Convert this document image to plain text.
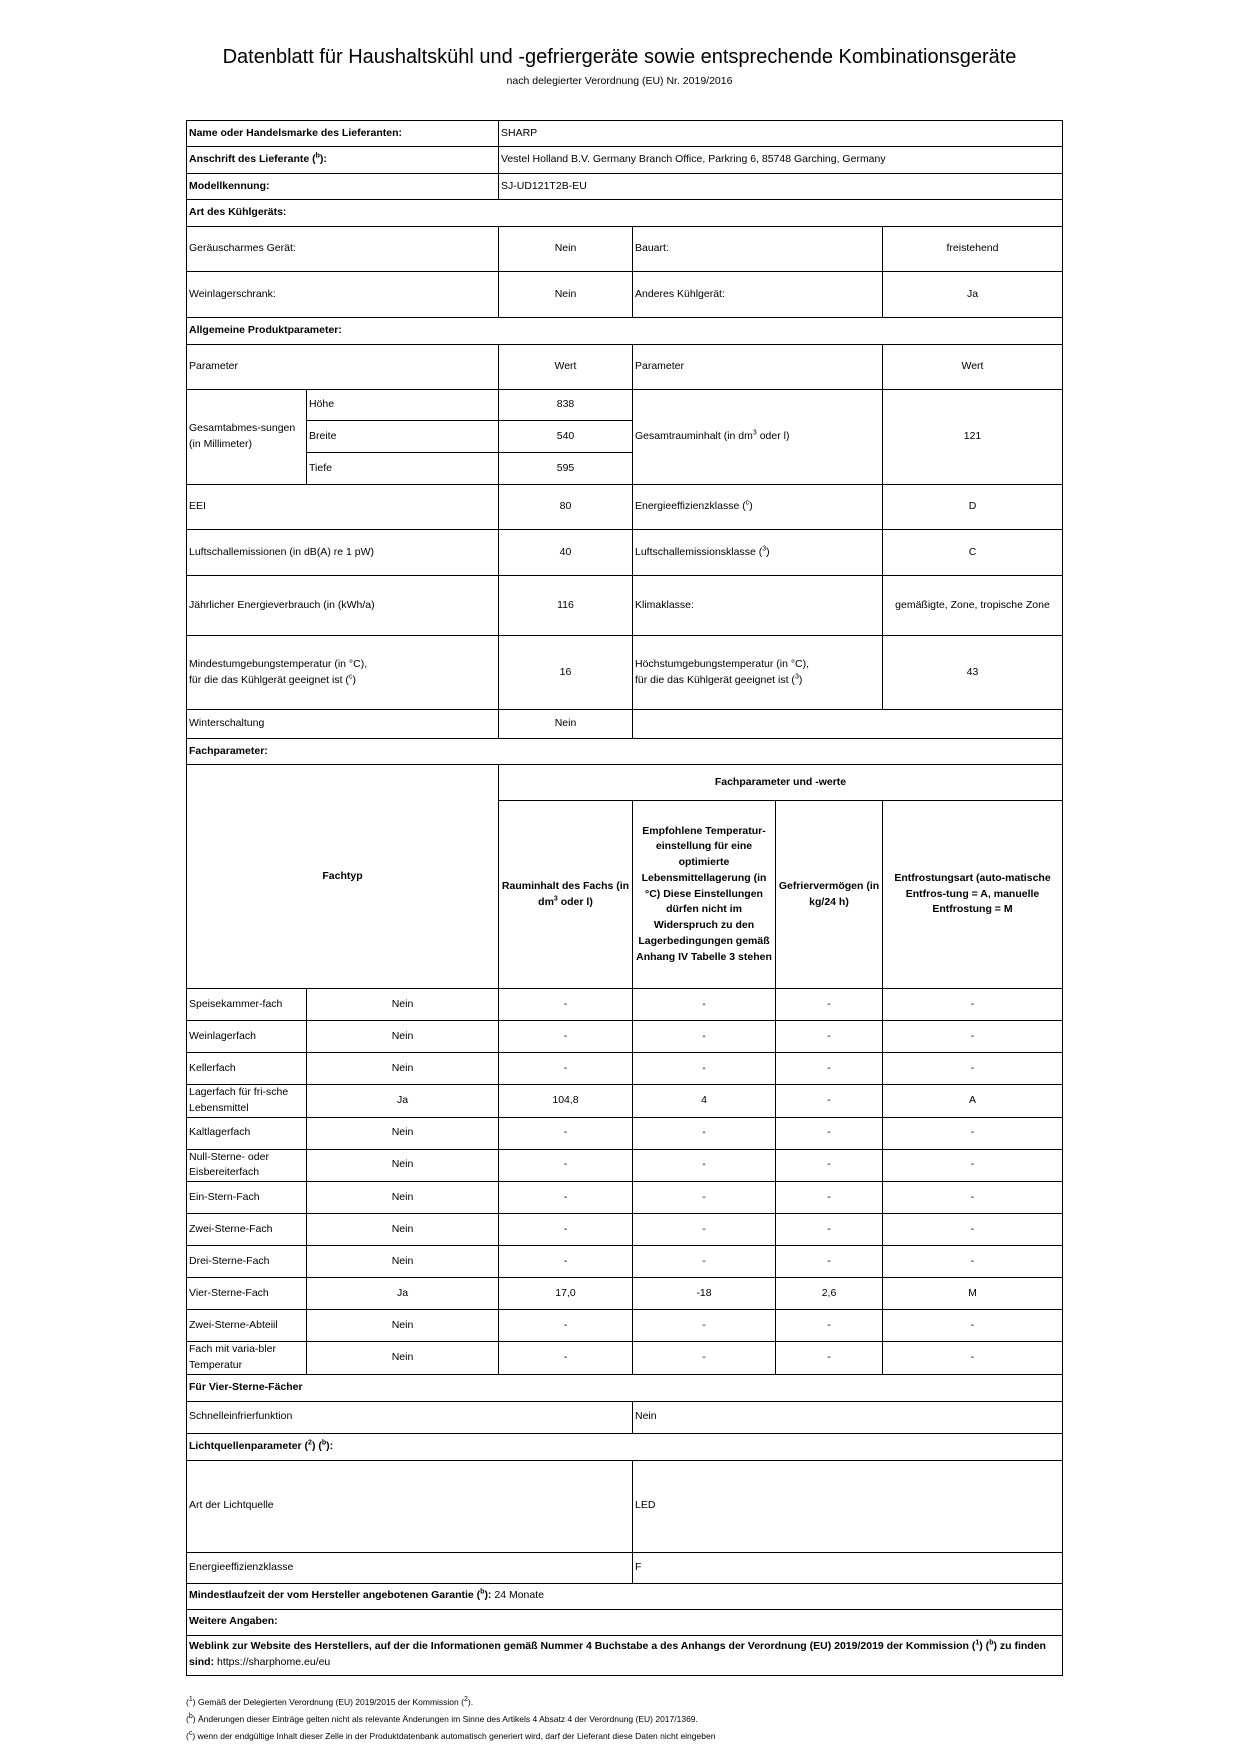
Datenblatt für Haushaltskühl und -gefriergeräte sowie entsprechende Kombinationsgeräte
nach delegierter Verordnung (EU) Nr. 2019/2016
Name oder Handelsmarke des Lieferanten:		SHARP			
Anschrift des Lieferante ($^b$):		Vestel Holland B.V. Germany Branch Office, Parkring 6, 85748 Garching, Germany			
Modellkennung:		SJ-UD121T2B-EU			
Art des Kühlgeräts:					
Geräuscharmes Gerät:		Nein	Bauart:		freistehend
Weinlagerschrank:		Nein	Anderes Kühlgerät:		Ja
Allgemeine Produktparameter:					
Parameter		Wert	Parameter		Wert
Gesamtabmes-sungen (in Millimeter)	Höhe	838	Gesamtrauminhalt (in $dm^3$ oder l)		121
	Breite	540			
	Tiefe	595			
EEI		80	Energieeffizienzklasse ($^c$)		D
Luftschallemissionen (in dB(A) re 1 pW)		40	Luftschallemissionsklasse ($^3$)		C
Jährlicher Energieverbrauch (in (kWh/a)		116	Klimaklasse:		gemäßigte, Zone, tropische Zone
Mindestumgebungstemperatur (in °C),
für die das Kühlgerät geeignet ist ($^c$)		16	Höchstumgebungstemperatur (in °C),
für die das Kühlgerät geeignet ist ($^3$)		43
Winterschaltung		Nein			
Fachparameter:					
Fachtyp		Fachparameter und -werte			
		Rauminhalt des Fachs (in $dm^3$ oder l)	Empfohlene Temperatur-einstellung für eine optimierte Lebensmittellagerung (in °C) Diese Einstellungen dürfen nicht im Widerspruch zu den Lagerbedingungen gemäß Anhang IV Tabelle 3 stehen	Gefriervermögen (in kg/24 h)	Entfrostungsart (auto-matische Entfros-tung = A, manuelle Entfrostung = M
Speisekammer-fach	Nein	-	-	-	-
Weinlagerfach	Nein	-	-	-	-
Kellerfach	Nein	-	-	-	-
Lagerfach für fri-sche Lebensmittel	Ja	104,8	4	-	A
Kaltlagerfach	Nein	-	-	-	-
Null-Sterne- oder Eisbereiterfach	Nein	-	-	-	-
Ein-Stern-Fach	Nein	-	-	-	-
Zwei-Sterne-Fach	Nein	-	-	-	-
Drei-Sterne-Fach	Nein	-	-	-	-
Vier-Sterne-Fach	Ja	17,0	-18	2,6	M
Zwei-Sterne-Abteiil	Nein	-	-	-	-
Fach mit varia-bler Temperatur	Nein	-	-	-	-
Für Vier-Sterne-Fächer					
Schnelleinfrierfunktion			Nein		
Lichtquellenparameter ($^2$) ($^b$):					
Art der Lichtquelle			LED		
Energieeffizienzklasse			F		
Mindestlaufzeit der vom Hersteller angebotenen Garantie ($^b$): 24 Monate					
Weitere Angaben:					
Weblink zur Website des Herstellers, auf der die Informationen gemäß Nummer 4 Buchstabe a des Anhangs der Verordnung (EU) 2019/2019 der Kommission ($^1$) ($^b$) zu finden sind: https://sharphome.eu/eu					
($^1$) Gemäß der Delegierten Verordnung (EU) 2019/2015 der Kommission ($^2$).
($^b$) Änderungen dieser Einträge gelten nicht als relevante Änderungen im Sinne des Artikels 4 Absatz 4 der Verordnung (EU) 2017/1369.
($^c$) wenn der endgültige Inhalt dieser Zelle in der Produktdatenbank automatisch generiert wird, darf der Lieferant diese Daten nicht eingeben
